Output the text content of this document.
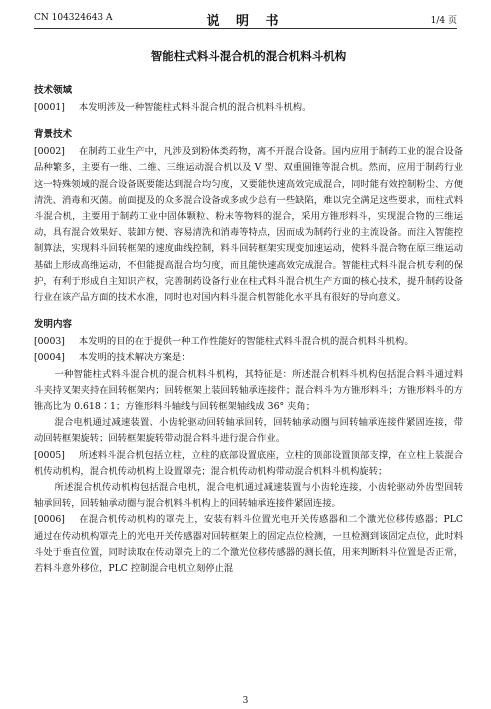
CN 104324643 A	说 明 书	1/4 页
智能柱式料斗混合机的混合机料斗机构
技术领域

[0001] 本发明涉及一种智能柱式料斗混合机的混合机料斗机构。

背景技术

[0002] 在制药工业生产中，凡涉及到粉体类药物，离不开混合设备。国内应用于制药工业的混合设备品种繁多，主要有一维、二维、三维运动混合机以及 V 型、双重圆锥等混合机。然而，应用于制药行业这一特殊领域的混合设备既要能达到混合均匀度，又要能快速高效完成混合，同时能有效控制粉尘、方便清洗、消毒和灭菌。前面提及的众多混合设备或多或少总有一些缺陷，难以完全满足这些要求，而柱式料斗混合机，主要用于制药工业中固体颗粒、粉末等物料的混合，采用方锥形料斗，实现混合物的三维运动，具有混合效果好、装卸方便、容易清洗和消毒等特点，因而成为制药行业的主流设备。而注入智能控制算法，实现料斗回转框架的速度曲线控制，料斗回转框架实现变加速运动，使料斗混合物在原三维运动基础上形成高维运动，不但能提高混合均匀度，而且能快速高效完成混合。智能柱式料斗混合机专利的保护，有利于形成自主知识产权，完善制药设备行业在柱式料斗混合机生产方面的核心技术，提升制药设备行业在该产品方面的技术水准，同时也对国内料斗混合机智能化水平具有很好的导向意义。

发明内容

[0003] 本发明的目的在于提供一种工作性能好的智能柱式料斗混合机的混合机料斗机构。

[0004] 本发明的技术解决方案是：

一种智能柱式料斗混合机的混合机料斗机构，其特征是：所述混合机料斗机构包括混合料斗通过料斗夹持叉架夹持在回转框架内；回转框架上装回转轴承连接件；混合料斗为方锥形料斗；方锥形料斗的方锥高比为 0.618∶1；方锥形料斗轴线与回转框架轴线成 36° 夹角；

混合电机通过减速装置、小齿轮驱动回转轴承回转，回转轴承动圈与回转轴承连接件紧固连接，带动回转框架旋转；回转框架旋转带动混合料斗进行混合作业。

[0005] 所述料斗混合机包括立柱，立柱的底部设置底座，立柱的顶部设置顶部支撑，在立柱上装混合机传动机构，混合机传动机构上设置罩壳；混合机传动机构带动混合机料斗机构旋转；

所述混合机传动机构包括混合电机，混合电机通过减速装置与小齿轮连接，小齿轮驱动外齿型回转轴承回转，回转轴承动圈与混合机料斗机构上的回转轴承连接件紧固连接。

[0006] 在混合机传动机构的罩壳上，安装有料斗位置光电开关传感器和二个激光位移传感器；PLC 通过在传动机构罩壳上的光电开关传感器对回转框架上的固定点位检测，一旦检测到该固定点位，此时料斗处于垂直位置，同时读取在传动罩壳上的二个激光位移传感器的测长值，用来判断料斗位置是否正常，若料斗意外移位，PLC 控制混合电机立刻停止混

3
